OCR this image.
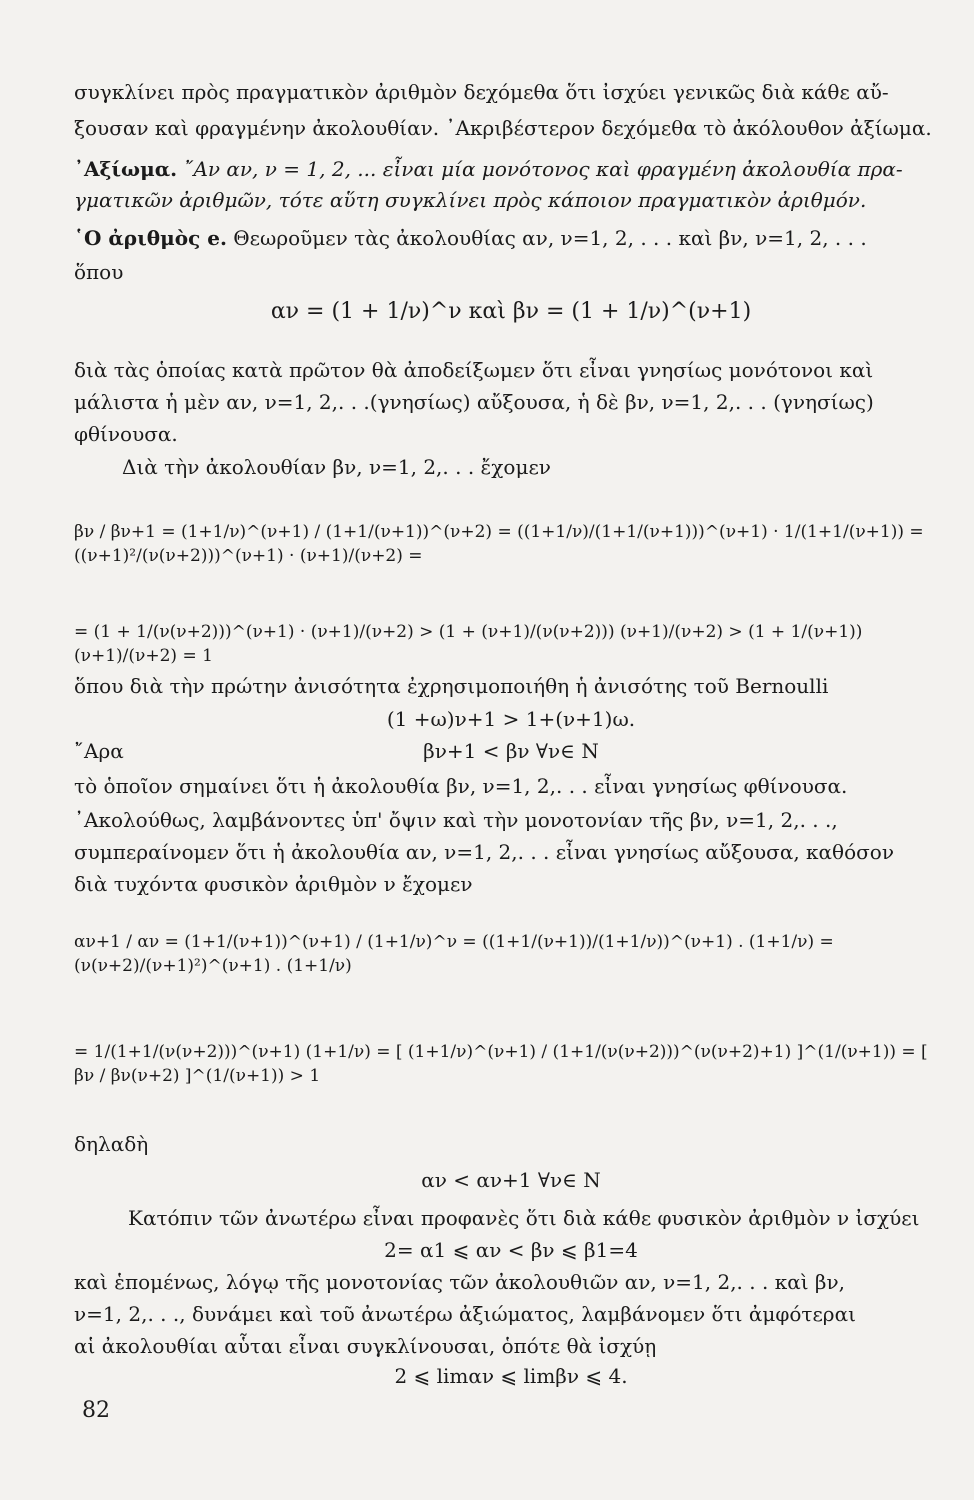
συγκλίνει πρὸς πραγματικὸν ἀριθμὸν δεχόμεθα ὅτι ἰσχύει γενικῶς διὰ κάθε αὔ-
ξουσαν καὶ φραγμένην ἀκολουθίαν. ᾿Ακριβέστερον δεχόμεθα τὸ ἀκόλουθον ἀξίωμα.
᾿Αξίωμα. ῎Αν αν, ν = 1, 2, ... εἶναι μία μονότονος καὶ φραγμένη ἀκολουθία πρα-
γματικῶν ἀριθμῶν, τότε αὕτη συγκλίνει πρὸς κάποιον πραγματικὸν ἀριθμόν.
῾Ο ἀριθμὸς e. Θεωροῦμεν τὰς ἀκολουθίας αν, ν=1, 2, . . . καὶ βν, ν=1, 2, . . .
ὅπου
αν = (1 + 1/ν)^ν καὶ βν = (1 + 1/ν)^(ν+1)
διὰ τὰς ὁποίας κατὰ πρῶτον θὰ ἀποδείξωμεν ὅτι εἶναι γνησίως μονότονοι καὶ
μάλιστα ἡ μὲν αν, ν=1, 2,. . .(γνησίως) αὔξουσα, ἡ δὲ βν, ν=1, 2,. . . (γνησίως)
φθίνουσα.
Διὰ τὴν ἀκολουθίαν βν, ν=1, 2,. . . ἔχομεν
βν / βν+1 = (1+1/ν)^(ν+1) / (1+1/(ν+1))^(ν+2) = ((1+1/ν)/(1+1/(ν+1)))^(ν+1) · 1/(1+1/(ν+1)) = ((ν+1)²/(ν(ν+2)))^(ν+1) · (ν+1)/(ν+2) =
= (1 + 1/(ν(ν+2)))^(ν+1) · (ν+1)/(ν+2) > (1 + (ν+1)/(ν(ν+2))) (ν+1)/(ν+2) > (1 + 1/(ν+1)) (ν+1)/(ν+2) = 1
ὅπου διὰ τὴν πρώτην ἀνισότητα ἐχρησιμοποιήθη ἡ ἀνισότης τοῦ Bernoulli
(1 +ω)ν+1 > 1+(ν+1)ω.
῎Αρα	βν+1 < βν ∀ν∈ N
τὸ ὁποῖον σημαίνει ὅτι ἡ ἀκολουθία βν, ν=1, 2,. . . εἶναι γνησίως φθίνουσα.
᾿Ακολούθως, λαμβάνοντες ὑπ' ὄψιν καὶ τὴν μονοτονίαν τῆς βν, ν=1, 2,. . .,
συμπεραίνομεν ὅτι ἡ ἀκολουθία αν, ν=1, 2,. . . εἶναι γνησίως αὔξουσα, καθόσον
διὰ τυχόντα φυσικὸν ἀριθμὸν ν ἔχομεν
αν+1 / αν = (1+1/(ν+1))^(ν+1) / (1+1/ν)^ν = ((1+1/(ν+1))/(1+1/ν))^(ν+1) . (1+1/ν) = (ν(ν+2)/(ν+1)²)^(ν+1) . (1+1/ν)
= 1/(1+1/(ν(ν+2)))^(ν+1) (1+1/ν) = [ (1+1/ν)^(ν+1) / (1+1/(ν(ν+2)))^(ν(ν+2)+1) ]^(1/(ν+1)) = [ βν / βν(ν+2) ]^(1/(ν+1)) > 1
δηλαδὴ
αν < αν+1 ∀ν∈ N
Κατόπιν τῶν ἀνωτέρω εἶναι προφανὲς ὅτι διὰ κάθε φυσικὸν ἀριθμὸν ν ἰσχύει
2= α1 ⩽ αν < βν ⩽ β1=4
καὶ ἑπομένως, λόγῳ τῆς μονοτονίας τῶν ἀκολουθιῶν αν, ν=1, 2,. . . καὶ βν,
ν=1, 2,. . ., δυνάμει καὶ τοῦ ἀνωτέρω ἀξιώματος, λαμβάνομεν ὅτι ἀμφότεραι
αἱ ἀκολουθίαι αὗται εἶναι συγκλίνουσαι, ὁπότε θὰ ἰσχύῃ
2 ⩽ limαν ⩽ limβν ⩽ 4.
82
